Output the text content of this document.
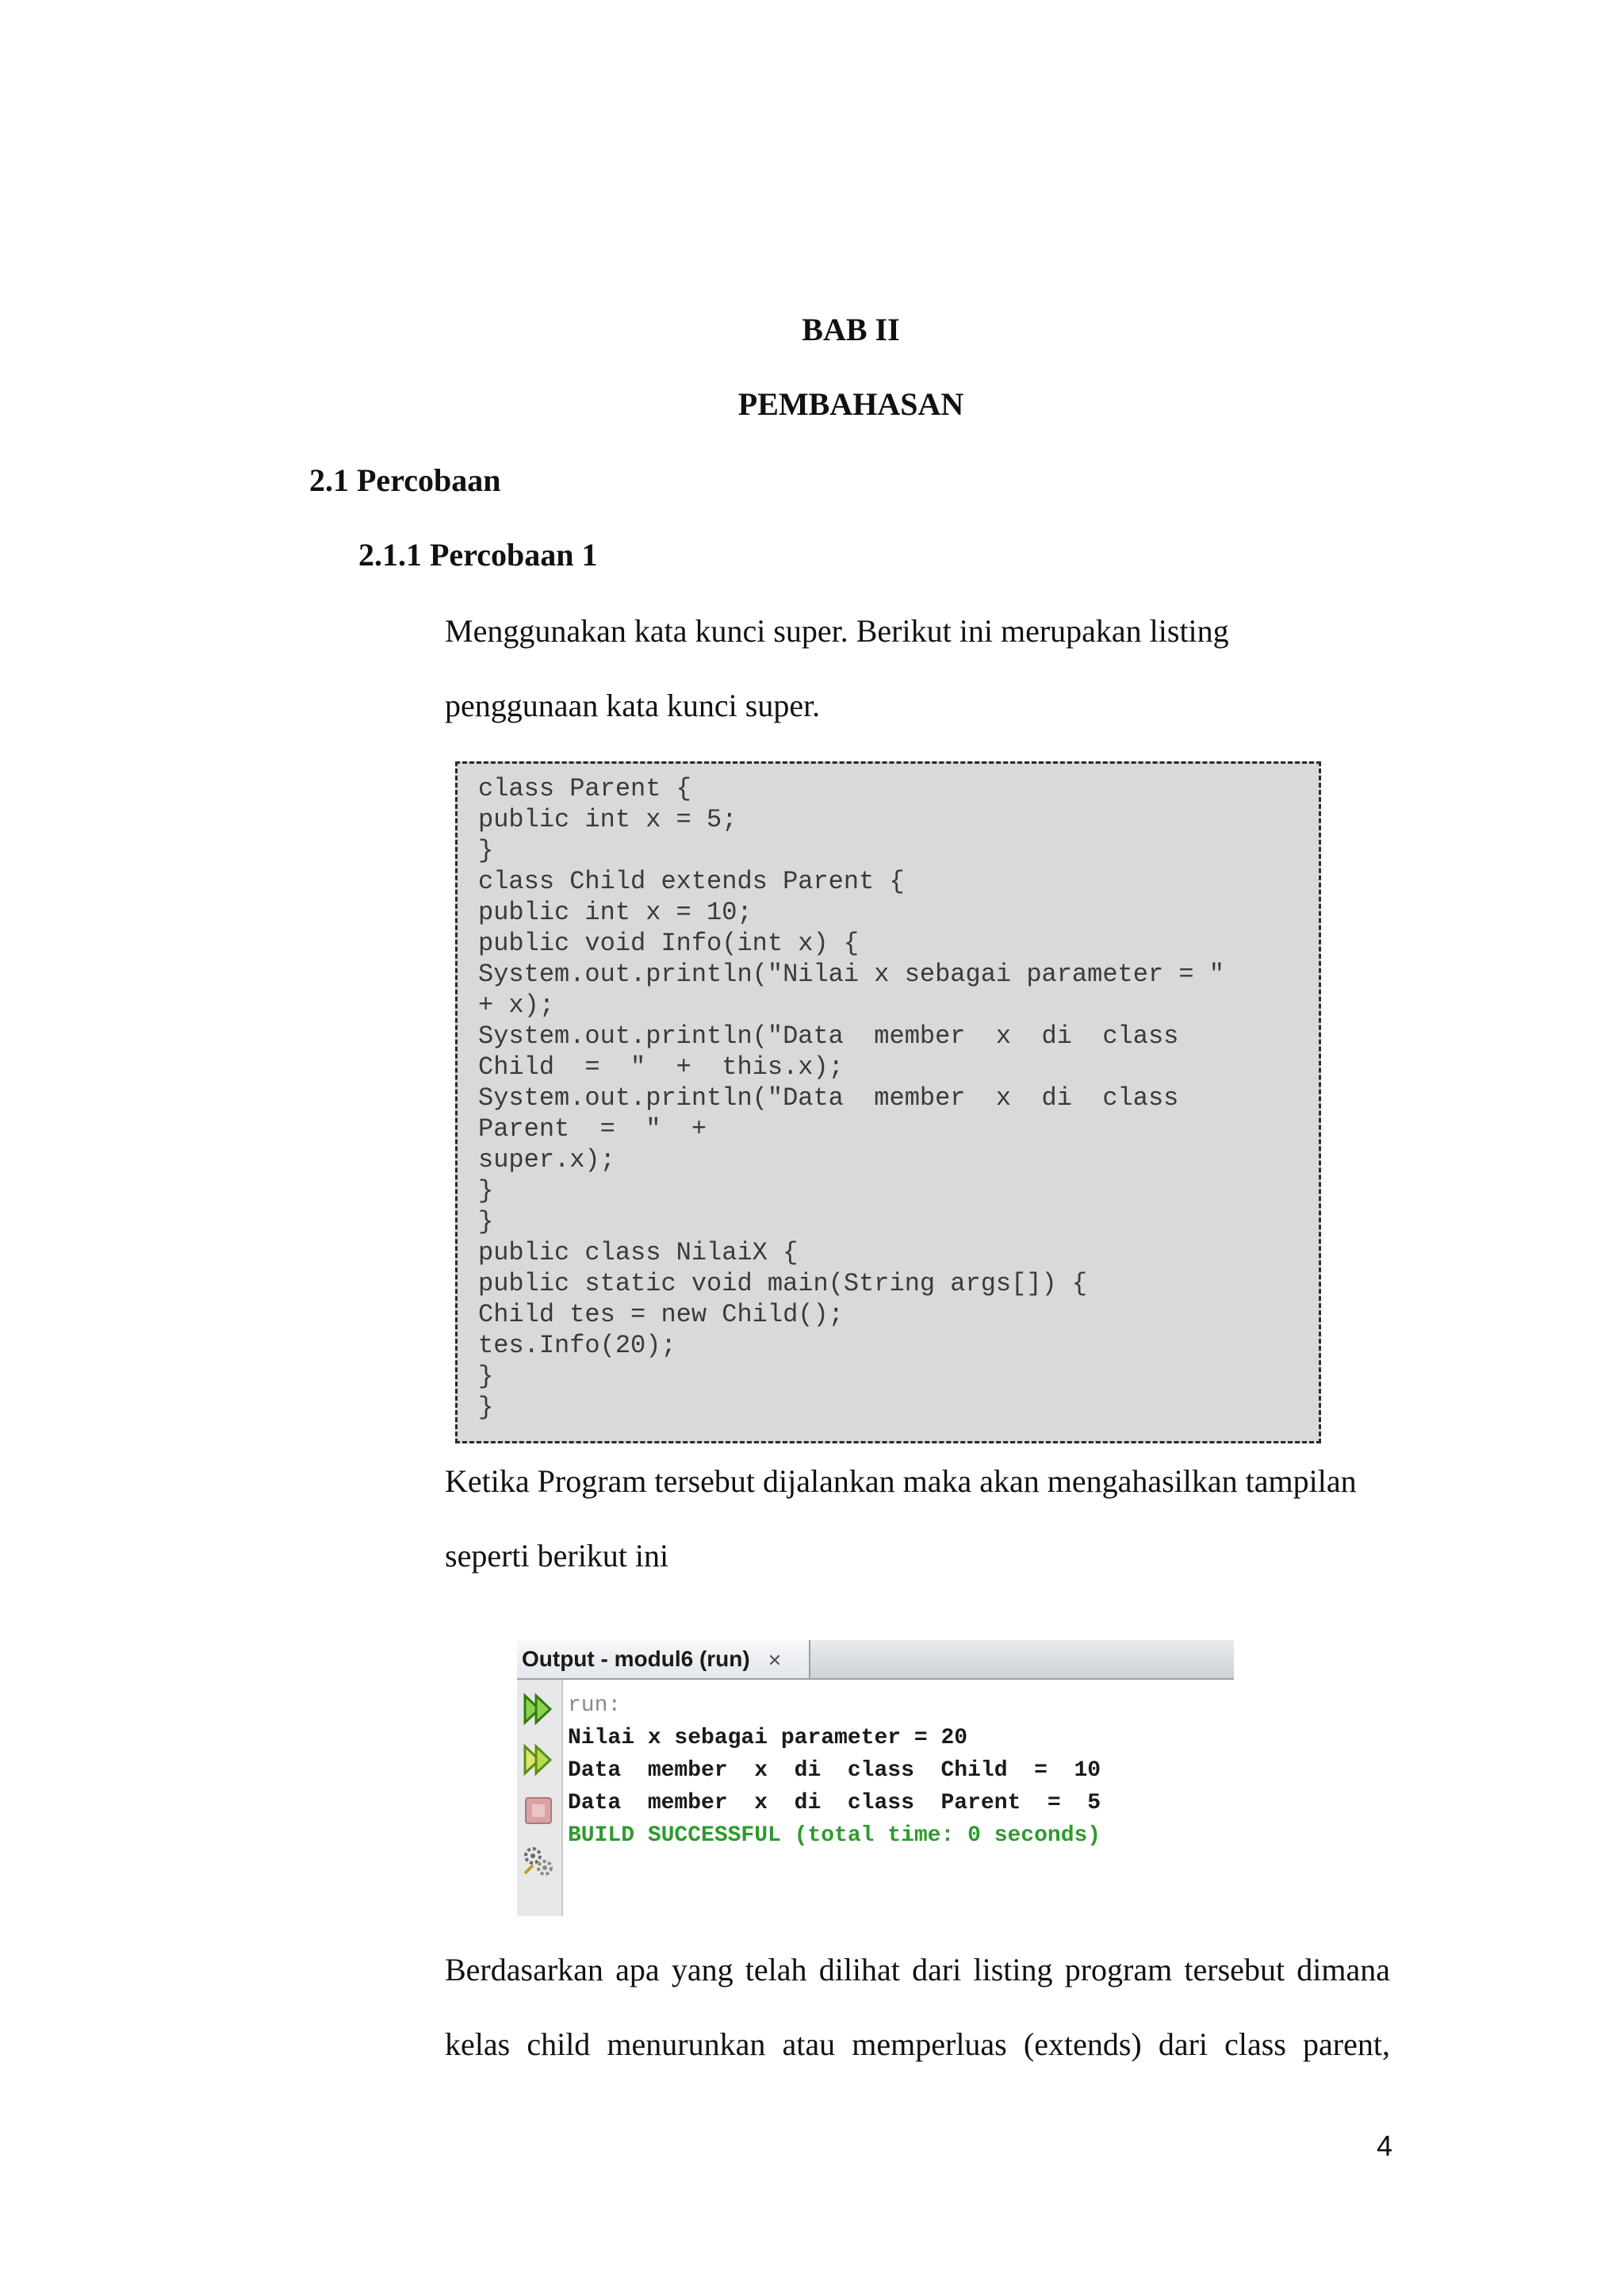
BAB II
PEMBAHASAN
2.1 Percobaan
2.1.1 Percobaan 1
Menggunakan kata kunci super. Berikut ini merupakan listing
penggunaan kata kunci super.
class Parent {
public int x = 5;
}
class Child extends Parent {
public int x = 10;
public void Info(int x) {
System.out.println("Nilai x sebagai parameter = "
+ x);
System.out.println("Data  member  x  di  class
Child  =  "  +  this.x);
System.out.println("Data  member  x  di  class
Parent  =  "  +
super.x);
}
}
public class NilaiX {
public static void main(String args[]) {
Child tes = new Child();
tes.Info(20);
}
}
Ketika Program tersebut dijalankan maka akan mengahasilkan tampilan
seperti berikut ini
Output - modul6 (run) ✕
run:
Nilai x sebagai parameter = 20
Data  member  x  di  class  Child  =  10
Data  member  x  di  class  Parent  =  5
BUILD SUCCESSFUL (total time: 0 seconds)
Berdasarkan apa yang telah dilihat dari listing program tersebut dimana
kelas child menurunkan atau memperluas (extends) dari class parent,
4
